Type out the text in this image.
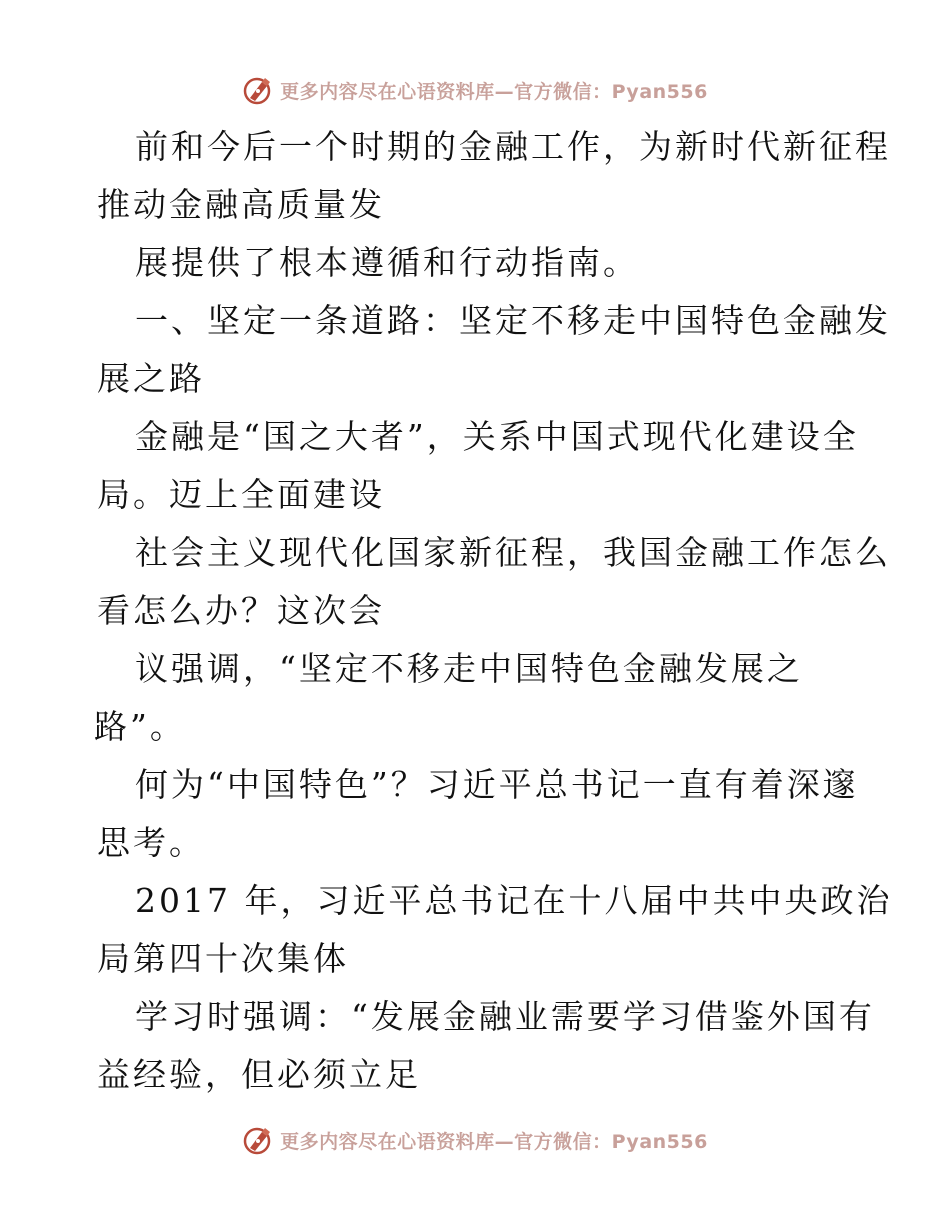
更多内容尽在心语资料库—官方微信：Pyan556
前和今后一个时期的金融工作，为新时代新征程
推动金融高质量发
展提供了根本遵循和行动指南。
一、坚定一条道路：坚定不移走中国特色金融发
展之路
金融是“国之大者”，关系中国式现代化建设全
局。迈上全面建设
社会主义现代化国家新征程，我国金融工作怎么
看怎么办？这次会
议强调，“坚定不移走中国特色金融发展之
路”。
何为“中国特色”？习近平总书记一直有着深邃
思考。
2017 年，习近平总书记在十八届中共中央政治
局第四十次集体
学习时强调：“发展金融业需要学习借鉴外国有
益经验，但必须立足
更多内容尽在心语资料库—官方微信：Pyan556
